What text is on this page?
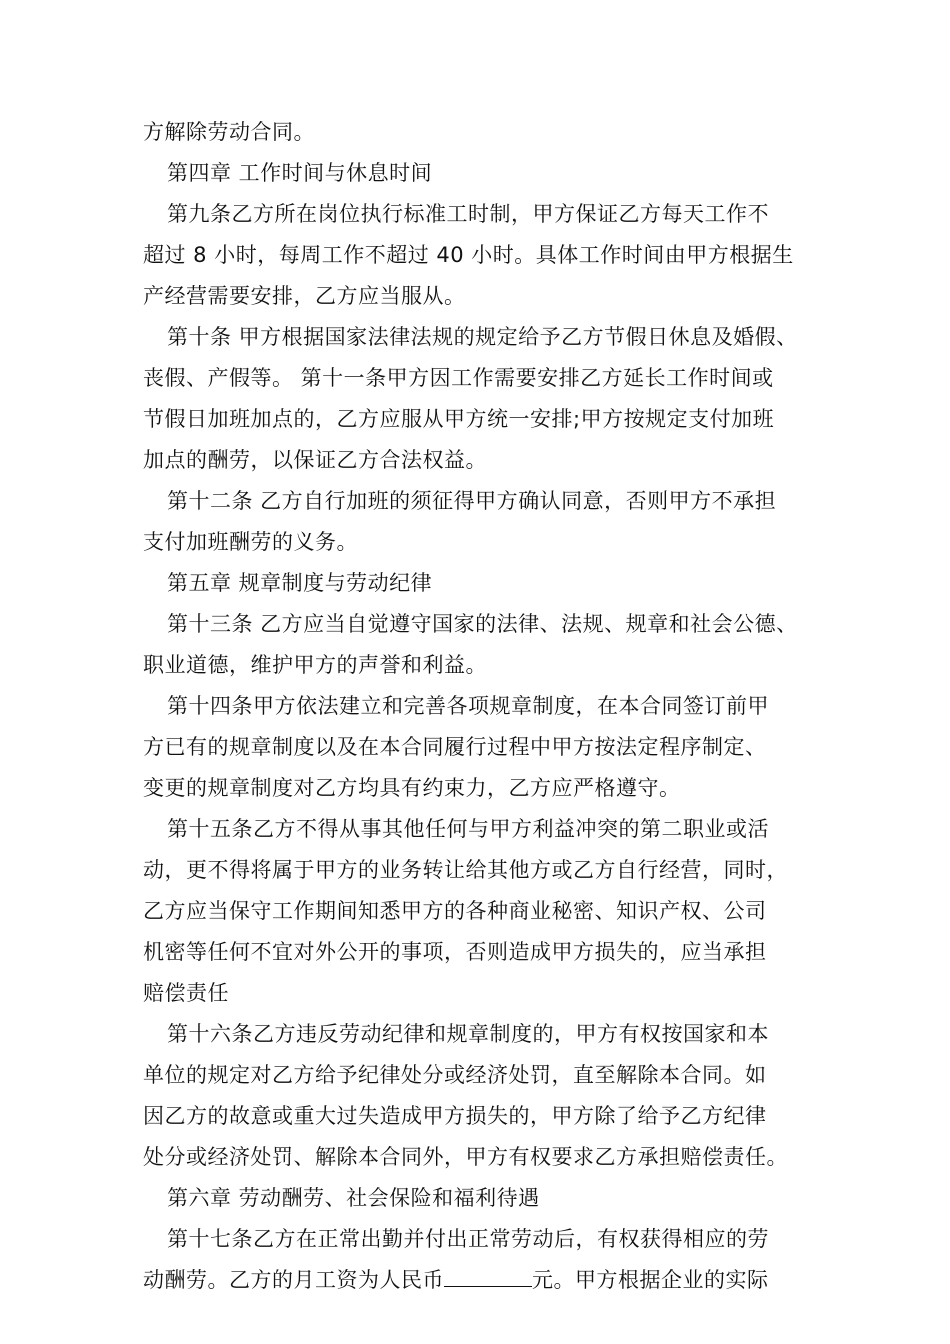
方解除劳动合同。
第四章 工作时间与休息时间
第九条乙方所在岗位执行标准工时制，甲方保证乙方每天工作不
超过 8 小时，每周工作不超过 40 小时。具体工作时间由甲方根据生
产经营需要安排，乙方应当服从。
第十条 甲方根据国家法律法规的规定给予乙方节假日休息及婚假、
丧假、产假等。 第十一条甲方因工作需要安排乙方延长工作时间或
节假日加班加点的，乙方应服从甲方统一安排;甲方按规定支付加班
加点的酬劳，以保证乙方合法权益。
第十二条 乙方自行加班的须征得甲方确认同意，否则甲方不承担
支付加班酬劳的义务。
第五章 规章制度与劳动纪律
第十三条 乙方应当自觉遵守国家的法律、法规、规章和社会公德、
职业道德，维护甲方的声誉和利益。
第十四条甲方依法建立和完善各项规章制度，在本合同签订前甲
方已有的规章制度以及在本合同履行过程中甲方按法定程序制定、
变更的规章制度对乙方均具有约束力，乙方应严格遵守。
第十五条乙方不得从事其他任何与甲方利益冲突的第二职业或活
动，更不得将属于甲方的业务转让给其他方或乙方自行经营，同时，
乙方应当保守工作期间知悉甲方的各种商业秘密、知识产权、公司
机密等任何不宜对外公开的事项，否则造成甲方损失的，应当承担
赔偿责任
第十六条乙方违反劳动纪律和规章制度的，甲方有权按国家和本
单位的规定对乙方给予纪律处分或经济处罚，直至解除本合同。如
因乙方的故意或重大过失造成甲方损失的，甲方除了给予乙方纪律
处分或经济处罚、解除本合同外，甲方有权要求乙方承担赔偿责任。
第六章 劳动酬劳、社会保险和福利待遇
第十七条乙方在正常出勤并付出正常劳动后，有权获得相应的劳
动酬劳。乙方的月工资为人民币	元。甲方根据企业的实际
